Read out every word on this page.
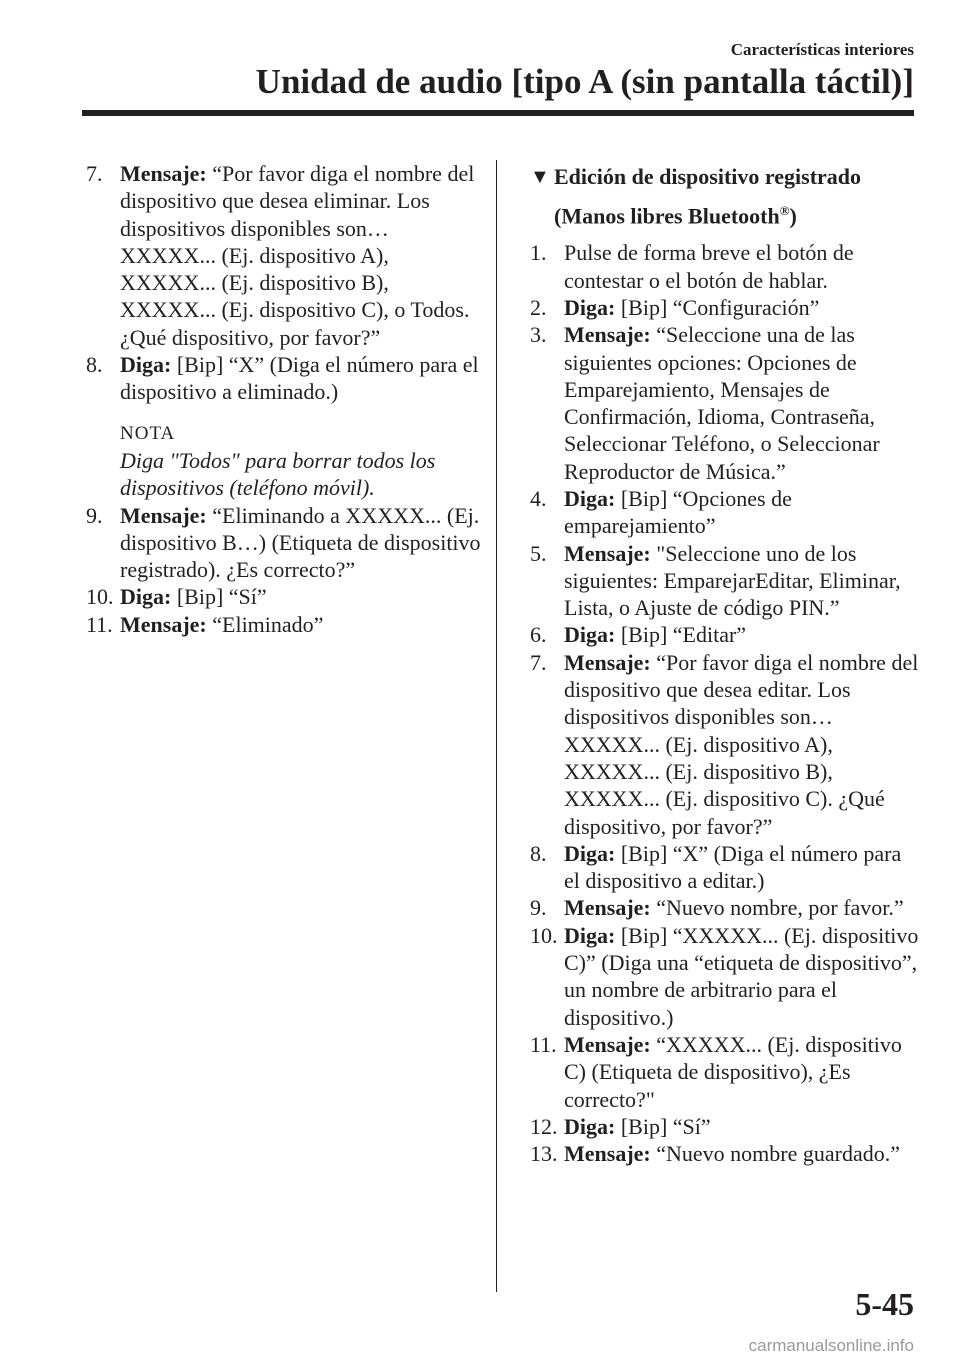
Características interiores
Unidad de audio [tipo A (sin pantalla táctil)]
7. Mensaje: “Por favor diga el nombre del dispositivo que desea eliminar. Los dispositivos disponibles son… XXXXX... (Ej. dispositivo A), XXXXX... (Ej. dispositivo B), XXXXX... (Ej. dispositivo C), o Todos. ¿Qué dispositivo, por favor?”
8. Diga: [Bip] “X” (Diga el número para el dispositivo a eliminado.)
NOTA
Diga "Todos" para borrar todos los dispositivos (teléfono móvil).
9. Mensaje: “Eliminando a XXXXX... (Ej. dispositivo B…) (Etiqueta de dispositivo registrado). ¿Es correcto?”
10. Diga: [Bip] “Sí”
11. Mensaje: “Eliminado”
▼ Edición de dispositivo registrado
(Manos libres Bluetooth®)
1. Pulse de forma breve el botón de contestar o el botón de hablar.
2. Diga: [Bip] “Configuración”
3. Mensaje: “Seleccione una de las siguientes opciones: Opciones de Emparejamiento, Mensajes de Confirmación, Idioma, Contraseña, Seleccionar Teléfono, o Seleccionar Reproductor de Música.”
4. Diga: [Bip] “Opciones de emparejamiento”
5. Mensaje: "Seleccione uno de los siguientes: EmparejarEditar, Eliminar, Lista, o Ajuste de código PIN.”
6. Diga: [Bip] “Editar”
7. Mensaje: “Por favor diga el nombre del dispositivo que desea editar. Los dispositivos disponibles son… XXXXX... (Ej. dispositivo A), XXXXX... (Ej. dispositivo B), XXXXX... (Ej. dispositivo C). ¿Qué dispositivo, por favor?”
8. Diga: [Bip] “X” (Diga el número para el dispositivo a editar.)
9. Mensaje: “Nuevo nombre, por favor.”
10. Diga: [Bip] “XXXXX... (Ej. dispositivo C)” (Diga una “etiqueta de dispositivo”, un nombre de arbitrario para el dispositivo.)
11. Mensaje: “XXXXX... (Ej. dispositivo C) (Etiqueta de dispositivo), ¿Es correcto?"
12. Diga: [Bip] “Sí”
13. Mensaje: “Nuevo nombre guardado.”
5-45
carmanualsonline.info
